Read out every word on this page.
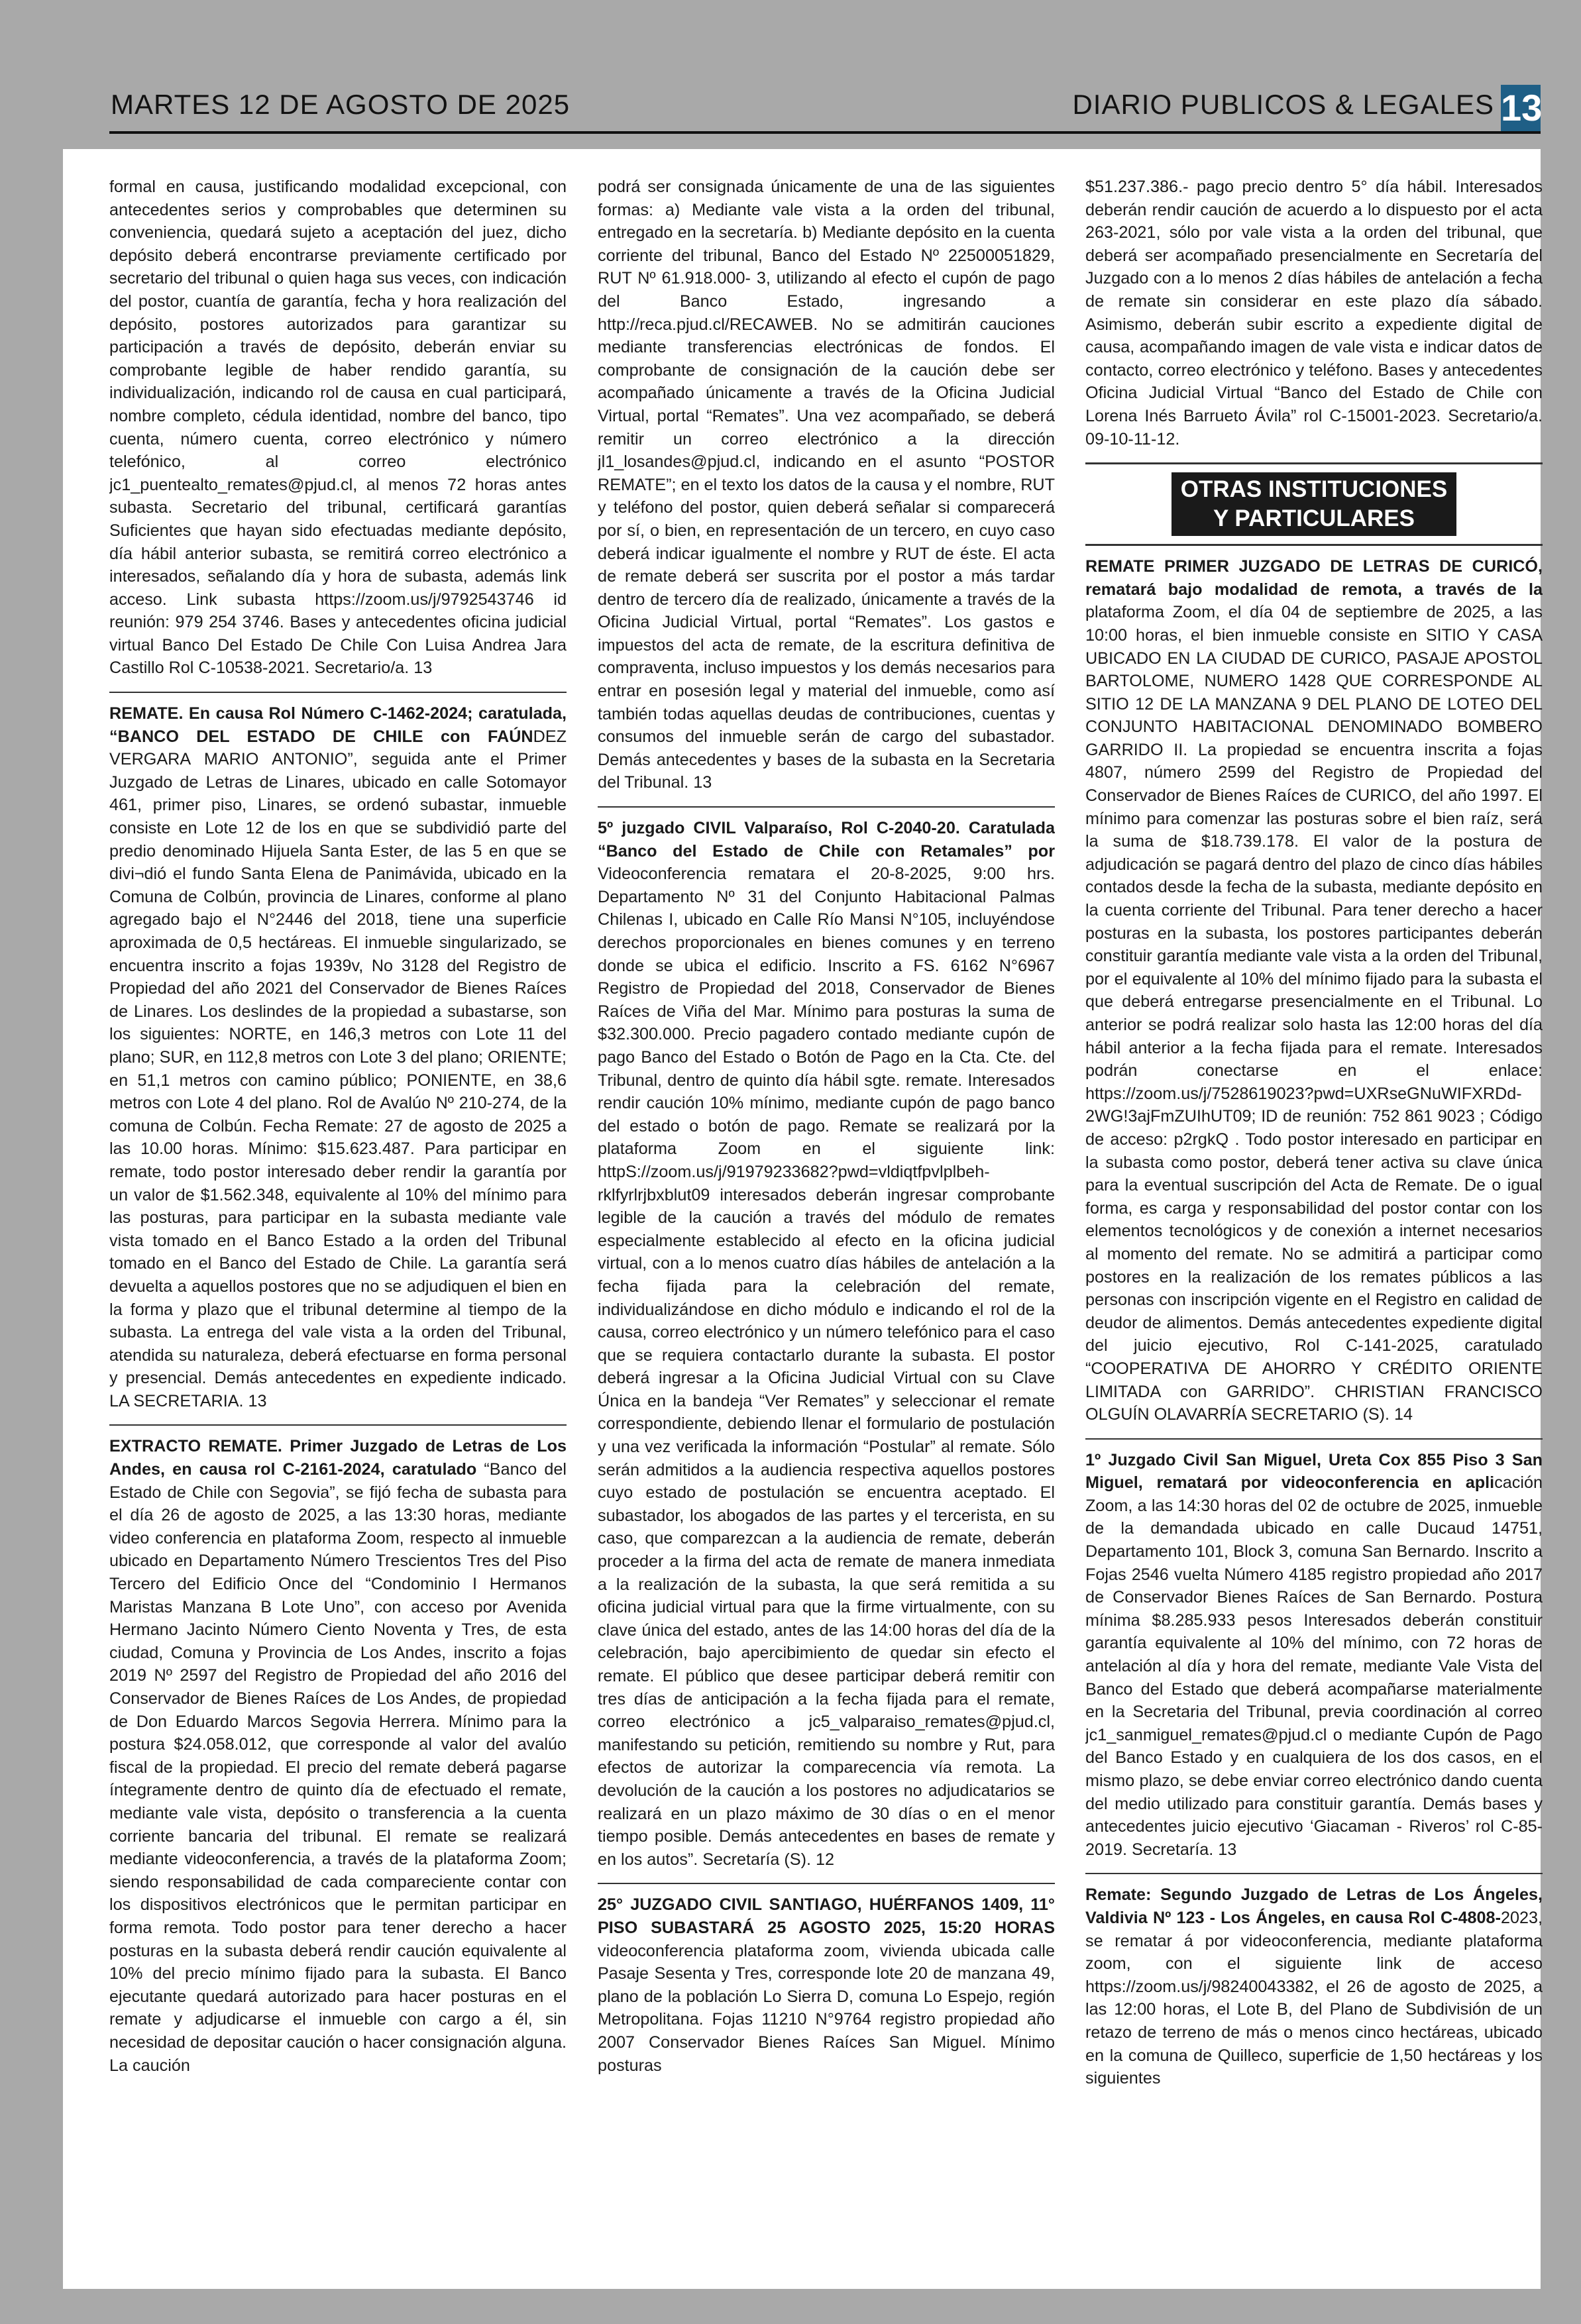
MARTES 12 DE AGOSTO DE 2025	DIARIO PUBLICOS & LEGALES 13

formal en causa, justificando modalidad excepcional, con antecedentes serios y comprobables que determinen su conveniencia, quedará sujeto a aceptación del juez, dicho depósito deberá encontrarse previamente certificado por secretario del tribunal o quien haga sus veces, con indicación del postor, cuantía de garantía, fecha y hora realización del depósito, postores autorizados para garantizar su participación a través de depósito, deberán enviar su comprobante legible de haber rendido garantía, su individualización, indicando rol de causa en cual participará, nombre completo, cédula identidad, nombre del banco, tipo cuenta, número cuenta, correo electrónico y número telefónico, al correo electrónico jc1_puentealto_remates@pjud.cl, al menos 72 horas antes subasta. Secretario del tribunal, certificará garantías Suficientes que hayan sido efectuadas mediante depósito, día hábil anterior subasta, se remitirá correo electrónico a interesados, señalando día y hora de subasta, además link acceso. Link subasta https://zoom.us/j/9792543746 id reunión: 979 254 3746. Bases y antecedentes oficina judicial virtual Banco Del Estado De Chile Con Luisa Andrea Jara Castillo Rol C-10538-2021. Secretario/a. 13

REMATE. En causa Rol Número C-1462-2024; caratulada, “BANCO DEL ESTADO DE CHILE con FAÚNDEZ VERGARA MARIO ANTONIO”, seguida ante el Primer Juzgado de Letras de Linares, ubicado en calle Sotomayor 461, primer piso, Linares, se ordenó subastar, inmueble consiste en Lote 12 de los en que se subdividió parte del predio denominado Hijuela Santa Ester, de las 5 en que se divi¬dió el fundo Santa Elena de Panimávida, ubicado en la Comuna de Colbún, provincia de Linares, conforme al plano agregado bajo el N°2446 del 2018, tiene una superficie aproximada de 0,5 hectáreas. El inmueble singularizado, se encuentra inscrito a fojas 1939v, No 3128 del Registro de Propiedad del año 2021 del Conservador de Bienes Raíces de Linares. Los deslindes de la propiedad a subastarse, son los siguientes: NORTE, en 146,3 metros con Lote 11 del plano; SUR, en 112,8 metros con Lote 3 del plano; ORIENTE; en 51,1 metros con camino público; PONIENTE, en 38,6 metros con Lote 4 del plano. Rol de Avalúo Nº 210-274, de la comuna de Colbún. Fecha Remate: 27 de agosto de 2025 a las 10.00 horas. Mínimo: $15.623.487. Para participar en remate, todo postor interesado deber rendir la garantía por un valor de $1.562.348, equivalente al 10% del mínimo para las posturas, para participar en la subasta mediante vale vista tomado en el Banco Estado a la orden del Tribunal tomado en el Banco del Estado de Chile. La garantía será devuelta a aquellos postores que no se adjudiquen el bien en la forma y plazo que el tribunal determine al tiempo de la subasta. La entrega del vale vista a la orden del Tribunal, atendida su naturaleza, deberá efectuarse en forma personal y presencial. Demás antecedentes en expediente indicado. LA SECRETARIA. 13

EXTRACTO REMATE. Primer Juzgado de Letras de Los Andes, en causa rol C-2161-2024, caratulado “Banco del Estado de Chile con Segovia”, se fijó fecha de subasta para el día 26 de agosto de 2025, a las 13:30 horas, mediante video conferencia en plataforma Zoom, respecto al inmueble ubicado en Departamento Número Trescientos Tres del Piso Tercero del Edificio Once del “Condominio I Hermanos Maristas Manzana B Lote Uno”, con acceso por Avenida Hermano Jacinto Número Ciento Noventa y Tres, de esta ciudad, Comuna y Provincia de Los Andes, inscrito a fojas 2019 Nº 2597 del Registro de Propiedad del año 2016 del Conservador de Bienes Raíces de Los Andes, de propiedad de Don Eduardo Marcos Segovia Herrera. Mínimo para la postura $24.058.012, que corresponde al valor del avalúo fiscal de la propiedad. El precio del remate deberá pagarse íntegramente dentro de quinto día de efectuado el remate, mediante vale vista, depósito o transferencia a la cuenta corriente bancaria del tribunal. El remate se realizará mediante videoconferencia, a través de la plataforma Zoom; siendo responsabilidad de cada compareciente contar con los dispositivos electrónicos que le permitan participar en forma remota. Todo postor para tener derecho a hacer posturas en la subasta deberá rendir caución equivalente al 10% del precio mínimo fijado para la subasta. El Banco ejecutante quedará autorizado para hacer posturas en el remate y adjudicarse el inmueble con cargo a él, sin necesidad de depositar caución o hacer consignación alguna. La caución

podrá ser consignada únicamente de una de las siguientes formas: a) Mediante vale vista a la orden del tribunal, entregado en la secretaría. b) Mediante depósito en la cuenta corriente del tribunal, Banco del Estado Nº 22500051829, RUT Nº 61.918.000- 3, utilizando al efecto el cupón de pago del Banco Estado, ingresando a http://reca.pjud.cl/RECAWEB. No se admitirán cauciones mediante transferencias electrónicas de fondos. El comprobante de consignación de la caución debe ser acompañado únicamente a través de la Oficina Judicial Virtual, portal “Remates”. Una vez acompañado, se deberá remitir un correo electrónico a la dirección jl1_losandes@pjud.cl, indicando en el asunto “POSTOR REMATE”; en el texto los datos de la causa y el nombre, RUT y teléfono del postor, quien deberá señalar si comparecerá por sí, o bien, en representación de un tercero, en cuyo caso deberá indicar igualmente el nombre y RUT de éste. El acta de remate deberá ser suscrita por el postor a más tardar dentro de tercero día de realizado, únicamente a través de la Oficina Judicial Virtual, portal “Remates”. Los gastos e impuestos del acta de remate, de la escritura definitiva de compraventa, incluso impuestos y los demás necesarios para entrar en posesión legal y material del inmueble, como así también todas aquellas deudas de contribuciones, cuentas y consumos del inmueble serán de cargo del subastador. Demás antecedentes y bases de la subasta en la Secretaria del Tribunal. 13

5º juzgado CIVIL Valparaíso, Rol C-2040-20. Caratulada “Banco del Estado de Chile con Retamales” por Videoconferencia rematara el 20-8-2025, 9:00 hrs. Departamento Nº 31 del Conjunto Habitacional Palmas Chilenas I, ubicado en Calle Río Mansi N°105, incluyéndose derechos proporcionales en bienes comunes y en terreno donde se ubica el edificio. Inscrito a FS. 6162 N°6967 Registro de Propiedad del 2018, Conservador de Bienes Raíces de Viña del Mar. Mínimo para posturas la suma de $32.300.000. Precio pagadero contado mediante cupón de pago Banco del Estado o Botón de Pago en la Cta. Cte. del Tribunal, dentro de quinto día hábil sgte. remate. Interesados rendir caución 10% mínimo, mediante cupón de pago banco del estado o botón de pago. Remate se realizará por la plataforma Zoom en el siguiente link: httpS://zoom.us/j/91979233682?pwd=vldiqtfpvlplbeh-rklfyrlrjbxblut09 interesados deberán ingresar comprobante legible de la caución a través del módulo de remates especialmente establecido al efecto en la oficina judicial virtual, con a lo menos cuatro días hábiles de antelación a la fecha fijada para la celebración del remate, individualizándose en dicho módulo e indicando el rol de la causa, correo electrónico y un número telefónico para el caso que se requiera contactarlo durante la subasta. El postor deberá ingresar a la Oficina Judicial Virtual con su Clave Única en la bandeja “Ver Remates” y seleccionar el remate correspondiente, debiendo llenar el formulario de postulación y una vez verificada la información “Postular” al remate. Sólo serán admitidos a la audiencia respectiva aquellos postores cuyo estado de postulación se encuentra aceptado. El subastador, los abogados de las partes y el tercerista, en su caso, que comparezcan a la audiencia de remate, deberán proceder a la firma del acta de remate de manera inmediata a la realización de la subasta, la que será remitida a su oficina judicial virtual para que la firme virtualmente, con su clave única del estado, antes de las 14:00 horas del día de la celebración, bajo apercibimiento de quedar sin efecto el remate. El público que desee participar deberá remitir con tres días de anticipación a la fecha fijada para el remate, correo electrónico a jc5_valparaiso_remates@pjud.cl, manifestando su petición, remitiendo su nombre y Rut, para efectos de autorizar la comparecencia vía remota. La devolución de la caución a los postores no adjudicatarios se realizará en un plazo máximo de 30 días o en el menor tiempo posible. Demás antecedentes en bases de remate y en los autos”. Secretaría (S). 12

25° JUZGADO CIVIL SANTIAGO, HUÉRFANOS 1409, 11° PISO SUBASTARÁ 25 AGOSTO 2025, 15:20 HORAS videoconferencia plataforma zoom, vivienda ubicada calle Pasaje Sesenta y Tres, corresponde lote 20 de manzana 49, plano de la población Lo Sierra D, comuna Lo Espejo, región Metropolitana. Fojas 11210 N°9764 registro propiedad año 2007 Conservador Bienes Raíces San Miguel. Mínimo posturas

$51.237.386.- pago precio dentro 5° día hábil. Interesados deberán rendir caución de acuerdo a lo dispuesto por el acta 263-2021, sólo por vale vista a la orden del tribunal, que deberá ser acompañado presencialmente en Secretaría del Juzgado con a lo menos 2 días hábiles de antelación a fecha de remate sin considerar en este plazo día sábado. Asimismo, deberán subir escrito a expediente digital de causa, acompañando imagen de vale vista e indicar datos de contacto, correo electrónico y teléfono. Bases y antecedentes Oficina Judicial Virtual “Banco del Estado de Chile con Lorena Inés Barrueto Ávila” rol C-15001-2023. Secretario/a. 09-10-11-12.

OTRAS INSTITUCIONES
Y PARTICULARES

REMATE PRIMER JUZGADO DE LETRAS DE CURICÓ, rematará bajo modalidad de remota, a través de la plataforma Zoom, el día 04 de septiembre de 2025, a las 10:00 horas, el bien inmueble consiste en SITIO Y CASA UBICADO EN LA CIUDAD DE CURICO, PASAJE APOSTOL BARTOLOME, NUMERO 1428 QUE CORRESPONDE AL SITIO 12 DE LA MANZANA 9 DEL PLANO DE LOTEO DEL CONJUNTO HABITACIONAL DENOMINADO BOMBERO GARRIDO II. La propiedad se encuentra inscrita a fojas 4807, número 2599 del Registro de Propiedad del Conservador de Bienes Raíces de CURICO, del año 1997. El mínimo para comenzar las posturas sobre el bien raíz, será la suma de $18.739.178. El valor de la postura de adjudicación se pagará dentro del plazo de cinco días hábiles contados desde la fecha de la subasta, mediante depósito en la cuenta corriente del Tribunal. Para tener derecho a hacer posturas en la subasta, los postores participantes deberán constituir garantía mediante vale vista a la orden del Tribunal, por el equivalente al 10% del mínimo fijado para la subasta el que deberá entregarse presencialmente en el Tribunal. Lo anterior se podrá realizar solo hasta las 12:00 horas del día hábil anterior a la fecha fijada para el remate. Interesados podrán conectarse en el enlace: https://zoom.us/j/7528619023?pwd=UXRseGNuWIFXRDd-2WG!3ajFmZUIhUT09; ID de reunión: 752 861 9023 ; Código de acceso: p2rgkQ . Todo postor interesado en participar en la subasta como postor, deberá tener activa su clave única para la eventual suscripción del Acta de Remate. De o igual forma, es carga y responsabilidad del postor contar con los elementos tecnológicos y de conexión a internet necesarios al momento del remate. No se admitirá a participar como postores en la realización de los remates públicos a las personas con inscripción vigente en el Registro en calidad de deudor de alimentos. Demás antecedentes expediente digital del juicio ejecutivo, Rol C-141-2025, caratulado “COOPERATIVA DE AHORRO Y CRÉDITO ORIENTE LIMITADA con GARRIDO”. CHRISTIAN FRANCISCO OLGUÍN OLAVARRÍA SECRETARIO (S). 14

1º Juzgado Civil San Miguel, Ureta Cox 855 Piso 3 San Miguel, rematará por videoconferencia en aplicación Zoom, a las 14:30 horas del 02 de octubre de 2025, inmueble de la demandada ubicado en calle Ducaud 14751, Departamento 101, Block 3, comuna San Bernardo. Inscrito a Fojas 2546 vuelta Número 4185 registro propiedad año 2017 de Conservador Bienes Raíces de San Bernardo. Postura mínima $8.285.933 pesos Interesados deberán constituir garantía equivalente al 10% del mínimo, con 72 horas de antelación al día y hora del remate, mediante Vale Vista del Banco del Estado que deberá acompañarse materialmente en la Secretaria del Tribunal, previa coordinación al correo jc1_sanmiguel_remates@pjud.cl o mediante Cupón de Pago del Banco Estado y en cualquiera de los dos casos, en el mismo plazo, se debe enviar correo electrónico dando cuenta del medio utilizado para constituir garantía. Demás bases y antecedentes juicio ejecutivo ‘Giacaman - Riveros’ rol C-85-2019. Secretaría. 13

Remate: Segundo Juzgado de Letras de Los Ángeles, Valdivia Nº 123 - Los Ángeles, en causa Rol C-4808-2023, se rematar á por videoconferencia, mediante plataforma zoom, con el siguiente link de acceso https://zoom.us/j/98240043382, el 26 de agosto de 2025, a las 12:00 horas, el Lote B, del Plano de Subdivisión de un retazo de terreno de más o menos cinco hectáreas, ubicado en la comuna de Quilleco, superficie de 1,50 hectáreas y los siguientes
